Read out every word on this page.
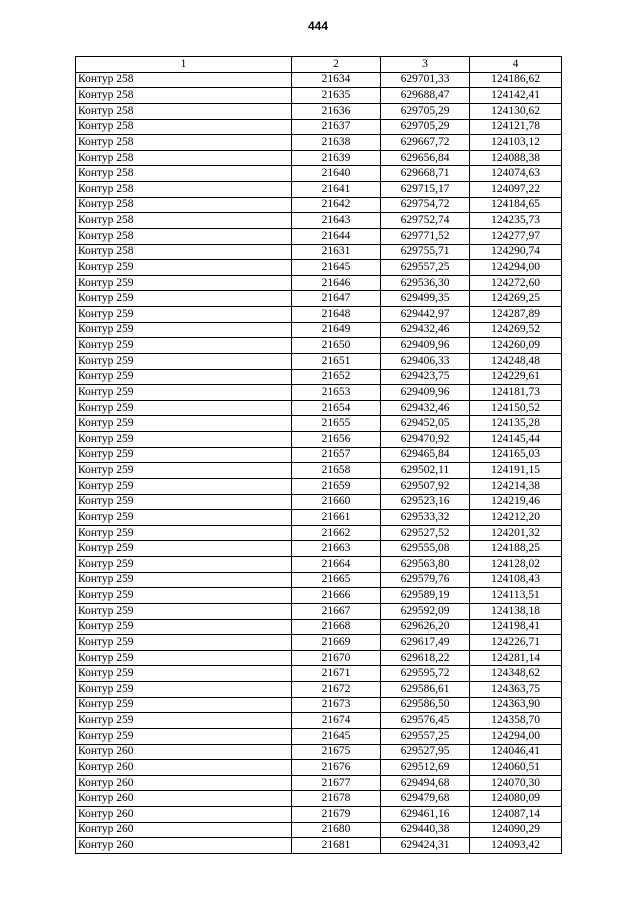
444
1	2	3	4
Контур 258	21634	629701,33	124186,62
Контур 258	21635	629688,47	124142,41
Контур 258	21636	629705,29	124130,62
Контур 258	21637	629705,29	124121,78
Контур 258	21638	629667,72	124103,12
Контур 258	21639	629656,84	124088,38
Контур 258	21640	629668,71	124074,63
Контур 258	21641	629715,17	124097,22
Контур 258	21642	629754,72	124184,65
Контур 258	21643	629752,74	124235,73
Контур 258	21644	629771,52	124277,97
Контур 258	21631	629755,71	124290,74
Контур 259	21645	629557,25	124294,00
Контур 259	21646	629536,30	124272,60
Контур 259	21647	629499,35	124269,25
Контур 259	21648	629442,97	124287,89
Контур 259	21649	629432,46	124269,52
Контур 259	21650	629409,96	124260,09
Контур 259	21651	629406,33	124248,48
Контур 259	21652	629423,75	124229,61
Контур 259	21653	629409,96	124181,73
Контур 259	21654	629432,46	124150,52
Контур 259	21655	629452,05	124135,28
Контур 259	21656	629470,92	124145,44
Контур 259	21657	629465,84	124165,03
Контур 259	21658	629502,11	124191,15
Контур 259	21659	629507,92	124214,38
Контур 259	21660	629523,16	124219,46
Контур 259	21661	629533,32	124212,20
Контур 259	21662	629527,52	124201,32
Контур 259	21663	629555,08	124188,25
Контур 259	21664	629563,80	124128,02
Контур 259	21665	629579,76	124108,43
Контур 259	21666	629589,19	124113,51
Контур 259	21667	629592,09	124138,18
Контур 259	21668	629626,20	124198,41
Контур 259	21669	629617,49	124226,71
Контур 259	21670	629618,22	124281,14
Контур 259	21671	629595,72	124348,62
Контур 259	21672	629586,61	124363,75
Контур 259	21673	629586,50	124363,90
Контур 259	21674	629576,45	124358,70
Контур 259	21645	629557,25	124294,00
Контур 260	21675	629527,95	124046,41
Контур 260	21676	629512,69	124060,51
Контур 260	21677	629494,68	124070,30
Контур 260	21678	629479,68	124080,09
Контур 260	21679	629461,16	124087,14
Контур 260	21680	629440,38	124090,29
Контур 260	21681	629424,31	124093,42
